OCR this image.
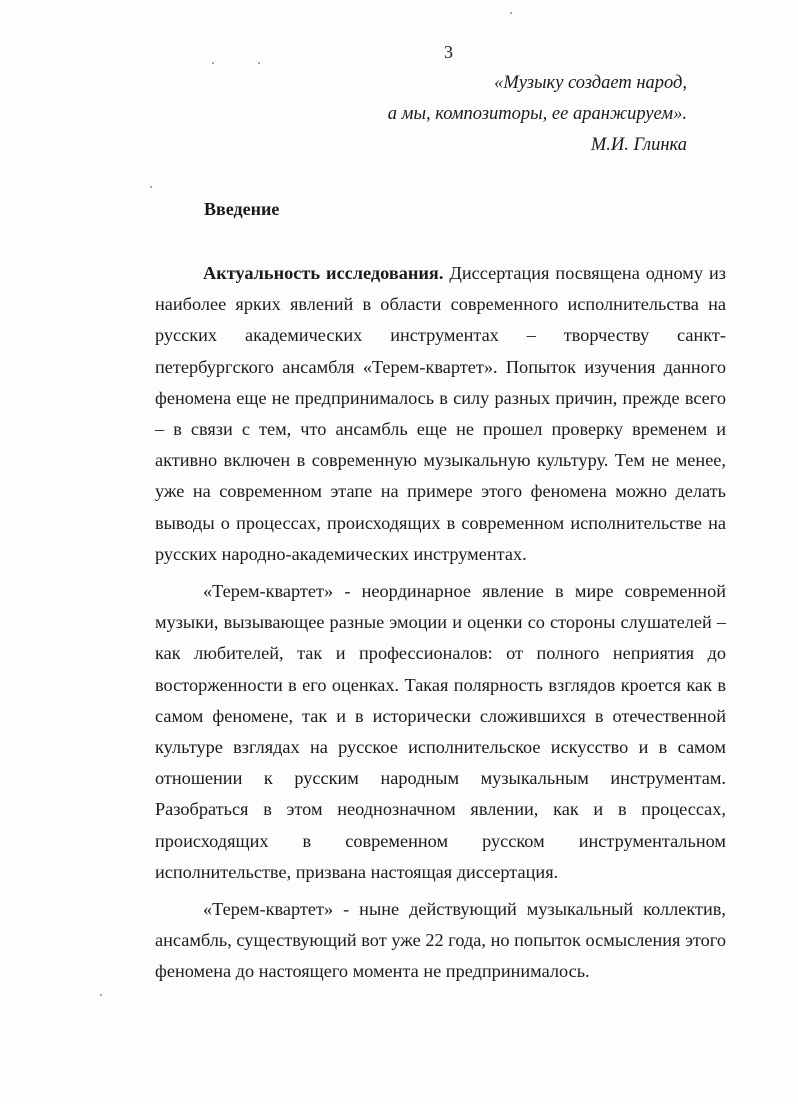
3
«Музыку создает народ,
а мы, композиторы, ее аранжируем».
М.И. Глинка
Введение

Актуальность исследования. Диссертация посвящена одному из наиболее ярких явлений в области современного исполнительства на русских академических инструментах – творчеству санкт-петербургского ансамбля «Терем-квартет». Попыток изучения данного феномена еще не предпринималось в силу разных причин, прежде всего – в связи с тем, что ансамбль еще не прошел проверку временем и активно включен в современную музыкальную культуру. Тем не менее, уже на современном этапе на примере этого феномена можно делать выводы о процессах, происходящих в современном исполнительстве на русских народно-академических инструментах.

«Терем-квартет» - неординарное явление в мире современной музыки, вызывающее разные эмоции и оценки со стороны слушателей – как любителей, так и профессионалов: от полного неприятия до восторженности в его оценках. Такая полярность взглядов кроется как в самом феномене, так и в исторически сложившихся в отечественной культуре взглядах на русское исполнительское искусство и в самом отношении к русским народным музыкальным инструментам. Разобраться в этом неоднозначном явлении, как и в процессах, происходящих в современном русском инструментальном исполнительстве, призвана настоящая диссертация.

«Терем-квартет» - ныне действующий музыкальный коллектив, ансамбль, существующий вот уже 22 года, но попыток осмысления этого феномена до настоящего момента не предпринималось.
